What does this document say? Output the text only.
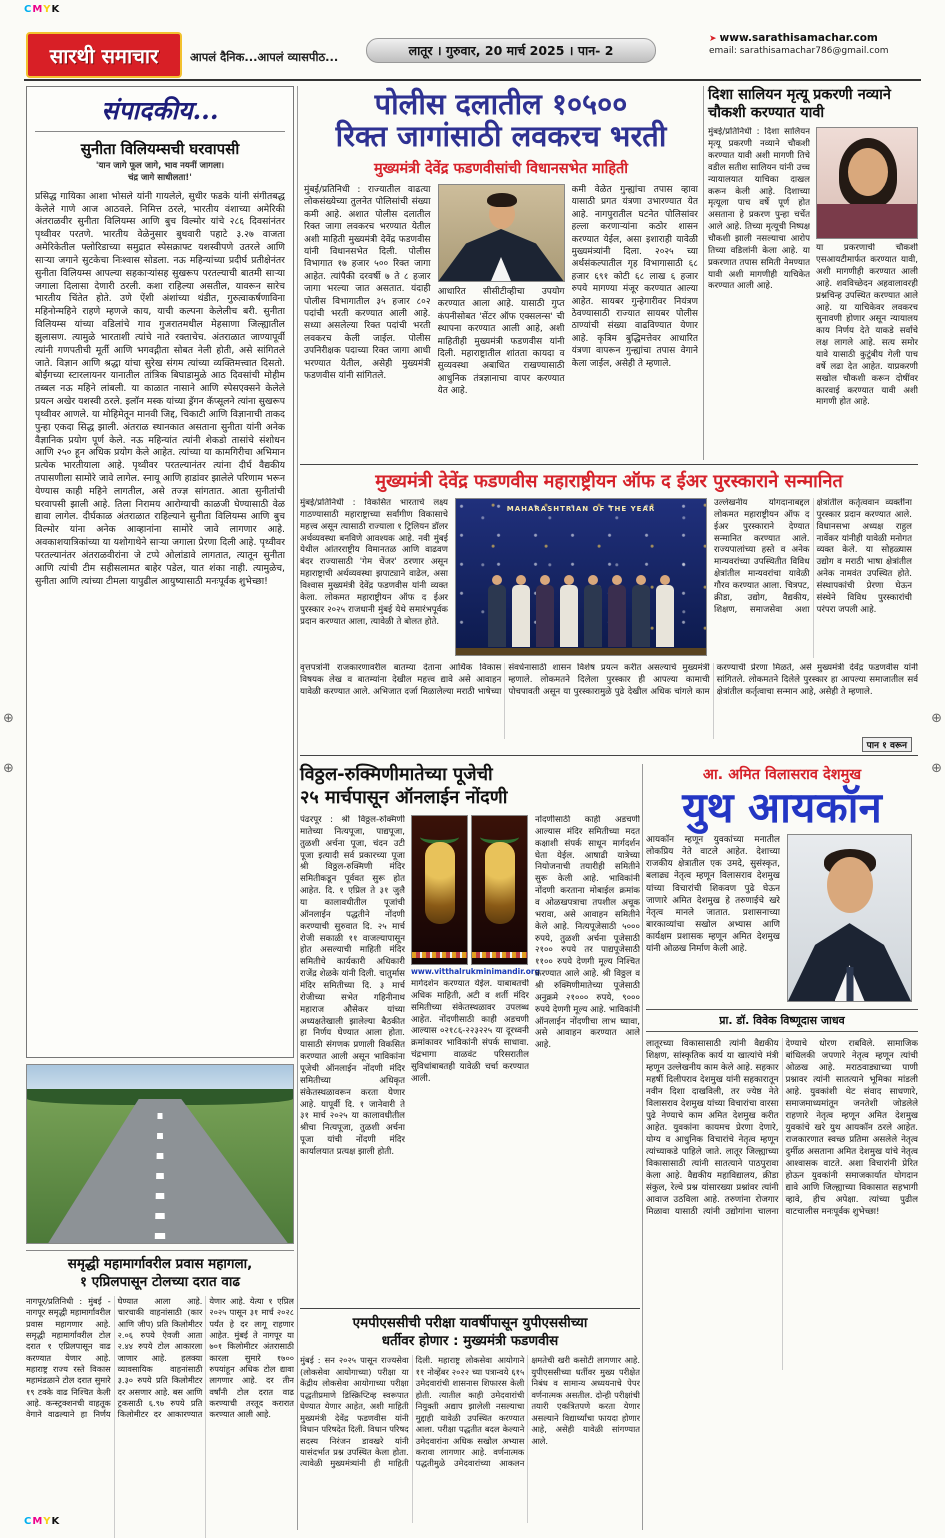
CMYK
CMYK
⊕
⊕
⊕
⊕
सारथी समाचार	आपलं दैनिक...आपलं व्यासपीठ...	लातूर । गुरुवार, 20 मार्च 2025 । पान- 2
➤ www.sarathisamachar.com
email: sarathisamachar786@gmail.com
संपादकीय...
सुनीता विलियम्सची घरवापसी
'यान जागे फूल जागे, भाव नयनीं जागला।
चंद्र जागे साधीलता!'
प्रसिद्ध गायिका आशा भोसले यांनी गायलेले, सुधीर फडके यांनी संगीतबद्ध केलेले गाणे आज आठवले. निमित्त ठरले, भारतीय वंशाच्या अमेरिकी अंतराळवीर सुनीता विलियम्स आणि बुच विल्मोर यांचे २८६ दिवसांनंतर पृथ्वीवर परतणे. भारतीय वेळेनुसार बुधवारी पहाटे ३.२७ वाजता अमेरिकेतील फ्लोरिडाच्या समुद्रात स्पेसक्राफ्ट यशस्वीपणे उतरले आणि साऱ्या जगाने सुटकेचा निःश्वास सोडला. नऊ महिन्यांच्या प्रदीर्घ प्रतीक्षेनंतर सुनीता विलियम्स आपल्या सहकाऱ्यांसह सुखरूप परतल्याची बातमी साऱ्या जगाला दिलासा देणारी ठरली. कशा राहिल्या असतील, यावरून सारेच भारतीय चिंतेत होते. उणे ऐंशी अंशांच्या थंडीत, गुरुत्वाकर्षणाविना महिनोन्महिने राहणे म्हणजे काय, याची कल्पना केलेलीच बरी. सुनीता विलियम्स यांच्या वडिलांचे गाव गुजरातमधील मेहसाणा जिल्ह्यातील झुलासण. त्यामुळे भारताशी त्यांचे नाते रक्ताचेच. अंतराळात जाण्यापूर्वी त्यांनी गणपतीची मूर्ती आणि भगवद्गीता सोबत नेली होती, असे सांगितले जाते. विज्ञान आणि श्रद्धा यांचा सुरेख संगम त्यांच्या व्यक्तिमत्त्वात दिसतो. बोईंगच्या स्टारलायनर यानातील तांत्रिक बिघाडामुळे आठ दिवसांची मोहीम तब्बल नऊ महिने लांबली. या काळात नासाने आणि स्पेसएक्सने केलेले प्रयत्न अखेर यशस्वी ठरले. इलॉन मस्क यांच्या ड्रॅगन कॅप्सूलने त्यांना सुखरूप पृथ्वीवर आणले. या मोहिमेतून मानवी जिद्द, चिकाटी आणि विज्ञानाची ताकद पुन्हा एकदा सिद्ध झाली. अंतराळ स्थानकात असताना सुनीता यांनी अनेक वैज्ञानिक प्रयोग पूर्ण केले. नऊ महिन्यांत त्यांनी शेकडो तासांचे संशोधन आणि २५० हून अधिक प्रयोग केले आहेत. त्यांच्या या कामगिरीचा अभिमान प्रत्येक भारतीयाला आहे. पृथ्वीवर परतल्यानंतर त्यांना दीर्घ वैद्यकीय तपासणीला सामोरे जावे लागेल. स्नायू आणि हाडांवर झालेले परिणाम भरून येण्यास काही महिने लागतील, असे तज्ज्ञ सांगतात. आता सुनीतांची घरवापसी झाली आहे. तिला निरामय आरोग्याची काळजी घेण्यासाठी वेळ द्यावा लागेल. दीर्घकाळ अंतराळात राहिल्याने सुनीता विलियम्स आणि बुच विल्मोर यांना अनेक आव्हानांना सामोरे जावे लागणार आहे. अवकाशयात्रिकांच्या या यशोगाथेने साऱ्या जगाला प्रेरणा दिली आहे. पृथ्वीवर परतल्यानंतर अंतराळवीरांना जे टप्पे ओलांडावे लागतात, त्यातून सुनीता आणि त्यांची टीम सहीसलामत बाहेर पडेल, यात शंका नाही. त्यामुळेच, सुनीता आणि त्यांच्या टीमला यापुढील आयुष्यासाठी मनःपूर्वक शुभेच्छा!
समृद्धी महामार्गावरील प्रवास महागला,
१ एप्रिलपासून टोलच्या दरात वाढ
नागपूर/प्रतिनिधी : मुंबई - नागपूर समृद्धी महामार्गावरील प्रवास महागणार आहे. समृद्धी महामार्गावरील टोल दरात १ एप्रिलपासून वाढ करण्यात येणार आहे. महाराष्ट्र राज्य रस्ते विकास महामंडळाने टोल दरात सुमारे १९ टक्के वाढ निश्चित केली आहे. कन्स्ट्रक्शनची वाहतूक वेगाने वाढल्याने हा निर्णय घेण्यात आला आहे. चारचाकी वाहनांसाठी (कार आणि जीप) प्रति किलोमीटर २.०६ रुपये ऐवजी आता २.४४ रुपये टोल आकारला जाणार आहे. हलक्या व्यावसायिक वाहनांसाठी ३.३० रुपये प्रति किलोमीटर दर असणार आहे. बस आणि ट्रकसाठी ६.९७ रुपये प्रति किलोमीटर दर आकारण्यात येणार आहे. येत्या १ एप्रिल २०२५ पासून ३१ मार्च २०२८ पर्यंत हे दर लागू राहणार आहेत. मुंबई ते नागपूर या ७०१ किलोमीटर अंतरासाठी कारला सुमारे १७०० रुपयांहून अधिक टोल द्यावा लागणार आहे. दर तीन वर्षांनी टोल दरात वाढ करण्याची तरतूद करारात करण्यात आली आहे.
पोलीस दलातील १०५००
रिक्त जागांसाठी लवकरच भरती
मुख्यमंत्री देवेंद्र फडणवीसांची विधानसभेत माहिती
मुंबई/प्रतिनिधी : राज्यातील वाढत्या लोकसंख्येच्या तुलनेत पोलिसांची संख्या कमी आहे. अशात पोलीस दलातील रिक्त जागा लवकरच भरण्यात येतील अशी माहिती मुख्यमंत्री देवेंद्र फडणवीस यांनी विधानसभेत दिली. पोलीस विभागात १७ हजार ५०० रिक्त जागा आहेत. त्यांपैकी दरवर्षी ७ ते ८ हजार जागा भरल्या जात असतात. यंदाही पोलीस विभागातील ३५ हजार ८०२ पदांची भरती करण्यात आली आहे. सध्या असलेल्या रिक्त पदांची भरती लवकरच केली जाईल. पोलीस उपनिरीक्षक पदाच्या रिक्त जागा आधी भरण्यात येतील, असेही मुख्यमंत्री फडणवीस यांनी सांगितले.
आधारित सीसीटीव्हीचा उपयोग करण्यात आला आहे. यासाठी गुप्त कंपनीसोबत 'सेंटर ऑफ एक्सलन्स' ची स्थापना करण्यात आली आहे, अशी माहितीही मुख्यमंत्री फडणवीस यांनी दिली. महाराष्ट्रातील शांतता कायदा व सुव्यवस्था अबाधित राखण्यासाठी आधुनिक तंत्रज्ञानाचा वापर करण्यात येत आहे.
कमी वेळेत गुन्ह्यांचा तपास व्हावा यासाठी प्रगत यंत्रणा उभारण्यात येत आहे. नागपुरातील घटनेत पोलिसांवर हल्ला करणाऱ्यांना कठोर शासन करण्यात येईल, असा इशाराही यावेळी मुख्यमंत्र्यांनी दिला. २०२५ च्या अर्थसंकल्पातील गृह विभागासाठी ६८ हजार ६९१ कोटी ६८ लाख ६ हजार रुपये मागण्या मंजूर करण्यात आल्या आहेत. सायबर गुन्हेगारीवर नियंत्रण ठेवण्यासाठी राज्यात सायबर पोलीस ठाण्यांची संख्या वाढविण्यात येणार आहे. कृत्रिम बुद्धिमत्तेवर आधारित यंत्रणा वापरून गुन्ह्यांचा तपास वेगाने केला जाईल, असेही ते म्हणाले.
दिशा सालियन मृत्यू प्रकरणी नव्याने चौकशी करण्यात यावी
मुंबई/प्रतिनिधी : दिशा सालियन मृत्यू प्रकरणी नव्याने चौकशी करण्यात यावी अशी मागणी तिचे वडील सतीश सालियन यांनी उच्च न्यायालयात याचिका दाखल करून केली आहे. दिशाच्या मृत्यूला पाच वर्षे पूर्ण होत असताना हे प्रकरण पुन्हा चर्चेत आले आहे. तिच्या मृत्यूची निष्पक्ष चौकशी झाली नसल्याचा आरोप तिच्या वडिलांनी केला आहे. या प्रकरणात तपास समिती नेमण्यात यावी अशी मागणीही याचिकेत करण्यात आली आहे.
या प्रकरणाची चौकशी एसआयटीमार्फत करण्यात यावी, अशी मागणीही करण्यात आली आहे. शवविच्छेदन अहवालावरही प्रश्नचिन्ह उपस्थित करण्यात आले आहे. या याचिकेवर लवकरच सुनावणी होणार असून न्यायालय काय निर्णय देते याकडे सर्वांचे लक्ष लागले आहे. सत्य समोर यावे यासाठी कुटुंबीय गेली पाच वर्षे लढा देत आहेत. याप्रकरणी सखोल चौकशी करून दोषींवर कारवाई करण्यात यावी अशी मागणी होत आहे.
मुख्यमंत्री देवेंद्र फडणवीस महाराष्ट्रीयन ऑफ द ईअर पुरस्काराने सन्मानित
मुंबई/प्रतिनिधी : विकसित भारताचे लक्ष्य गाठण्यासाठी महाराष्ट्राच्या सर्वांगीण विकासाचे महत्त्व असून त्यासाठी राज्याला १ ट्रिलियन डॉलर अर्थव्यवस्था बनविणे आवश्यक आहे. नवी मुंबई येथील आंतरराष्ट्रीय विमानतळ आणि वाढवण बंदर राज्यासाठी 'गेम चेंजर' ठरणार असून महाराष्ट्राची अर्थव्यवस्था झपाट्याने वाढेल, असा विश्वास मुख्यमंत्री देवेंद्र फडणवीस यांनी व्यक्त केला. लोकमत महाराष्ट्रीयन ऑफ द ईअर पुरस्कार २०२५ राजधानी मुंबई येथे समारंभपूर्वक प्रदान करण्यात आला, त्यावेळी ते बोलत होते.
MAHARASHTRIAN OF THE YEAR
उल्लेखनीय योगदानाबद्दल लोकमत महाराष्ट्रीयन ऑफ द ईअर पुरस्काराने देण्यात सन्मानित करण्यात आले. राज्यपालांच्या हस्ते व अनेक मान्यवरांच्या उपस्थितीत विविध क्षेत्रांतील मान्यवरांचा यावेळी गौरव करण्यात आला. चित्रपट, क्रीडा, उद्योग, वैद्यकीय, शिक्षण, समाजसेवा अशा क्षेत्रांतील कर्तृत्ववान व्यक्तींना पुरस्कार प्रदान करण्यात आले. विधानसभा अध्यक्ष राहुल नार्वेकर यांनीही यावेळी मनोगत व्यक्त केले. या सोहळ्यास उद्योग व मराठी भाषा क्षेत्रांतील अनेक नामवंत उपस्थित होते. संस्थापकांची प्रेरणा घेऊन संस्थेने विविध पुरस्कारांची परंपरा जपली आहे.
वृत्तपत्रांनी राजकारणावरील बातम्या देताना आर्थिक विकास विषयक लेख व बातम्यांना देखील महत्त्व द्यावे असे आवाहन यावेळी करण्यात आले. अभिजात दर्जा मिळालेल्या मराठी भाषेच्या संवर्धनासाठी शासन विशेष प्रयत्न करीत असल्याचे मुख्यमंत्री म्हणाले. लोकमतने दिलेला पुरस्कार ही आपल्या कामाची पोचपावती असून या पुरस्कारामुळे पुढे देखील अधिक चांगले काम करण्याची प्रेरणा मिळते, असे मुख्यमंत्री देवेंद्र फडणवीस यांनी सांगितले. लोकमतने दिलेले पुरस्कार हा आपल्या समाजातील सर्व क्षेत्रांतील कर्तृत्वाचा सन्मान आहे, असेही ते म्हणाले.
पान १ वरून
विठ्ठल-रुक्मिणीमातेच्या पूजेची
२५ मार्चपासून ऑनलाईन नोंदणी
पंढरपूर : श्री विठ्ठल-रुक्मिणी मातेच्या नित्यपूजा, पाद्यपूजा, तुळशी अर्चना पूजा, चंदन उटी पूजा इत्यादी सर्व प्रकारच्या पूजा श्री विठ्ठल-रुक्मिणी मंदिर समितीकडून पूर्ववत सुरू होत आहेत. दि. १ एप्रिल ते ३१ जुलै या कालावधीतील पूजांची ऑनलाईन पद्धतीने नोंदणी करण्याची सुरुवात दि. २५ मार्च रोजी सकाळी ११ वाजल्यापासून होत असल्याची माहिती मंदिर समितीचे कार्यकारी अधिकारी राजेंद्र शेळके यांनी दिली. चातुर्मास मंदिर समितीच्या दि. ३ मार्च रोजीच्या सभेत गहिनीनाथ महाराज औसेकर यांच्या अध्यक्षतेखाली झालेल्या बैठकीत हा निर्णय घेण्यात आला होता. यासाठी संगणक प्रणाली विकसित करण्यात आली असून भाविकांना पूजेची ऑनलाईन नोंदणी मंदिर समितीच्या अधिकृत संकेतस्थळावरून करता येणार आहे. यापूर्वी दि. १ जानेवारी ते ३१ मार्च २०२५ या कालावधीतील श्रीचा नित्यपूजा, तुळशी अर्चना पूजा यांची नोंदणी मंदिर कार्यालयात प्रत्यक्ष झाली होती.
www.vitthalrukminimandir.org
मार्गदर्शन करण्यात येईल. याबाबतची अधिक माहिती, अटी व शर्ती मंदिर समितीच्या संकेतस्थळावर उपलब्ध आहेत. नोंदणीसाठी काही अडचणी आल्यास ०२१८६-२२३२२५ या दूरध्वनी क्रमांकावर भाविकांनी संपर्क साधावा. चंद्रभागा वाळवंट परिसरातील सुविधांबाबतही यावेळी चर्चा करण्यात आली.
नोंदणीसाठी काही अडचणी आल्यास मंदिर समितीच्या मदत कक्षाशी संपर्क साधून मार्गदर्शन घेता येईल. आषाढी यात्रेच्या नियोजनाची तयारीही समितीने सुरू केली आहे. भाविकांनी नोंदणी करताना मोबाईल क्रमांक व ओळखपत्राचा तपशील अचूक भरावा, असे आवाहन समितीने केले आहे. नित्यपूजेसाठी ५००० रुपये, तुळशी अर्चना पूजेसाठी २१०० रुपये तर पाद्यपूजेसाठी ११०० रुपये देणगी मूल्य निश्चित करण्यात आले आहे. श्री विठ्ठल व श्री रुक्मिणीमातेच्या पूजेसाठी अनुक्रमे २१००० रुपये, ९००० रुपये देणगी मूल्य आहे. भाविकांनी ऑनलाईन नोंदणीचा लाभ घ्यावा, असे आवाहन करण्यात आले आहे.
आ. अमित विलासराव देशमुख
युथ आयकॉन
आयकॉन म्हणून युवकांच्या मनातील लोकप्रिय नेते वाटले आहेत. देशाच्या राजकीय क्षेत्रातील एक उमदे, सुसंस्कृत, बलाढ्य नेतृत्व म्हणून विलासराव देशमुख यांच्या विचारांची शिकवण पुढे घेऊन जाणारे अमित देशमुख हे तरुणाईचे खरे नेतृत्व मानले जातात. प्रशासनाच्या बारकाव्यांचा सखोल अभ्यास आणि कार्यक्षम प्रशासक म्हणून अमित देशमुख यांनी ओळख निर्माण केली आहे.
प्रा. डॉ. विवेक विष्णूदास जाधव
लातूरच्या विकासासाठी त्यांनी वैद्यकीय शिक्षण, सांस्कृतिक कार्य या खात्यांचे मंत्री म्हणून उल्लेखनीय काम केले आहे. सहकार महर्षी दिलीपराव देशमुख यांनी सहकारातून नवीन दिशा दाखविली, तर ज्येष्ठ नेते विलासराव देशमुख यांच्या विचारांचा वारसा पुढे नेण्याचे काम अमित देशमुख करीत आहेत. युवकांना कायमच प्रेरणा देणारे, योग्य व आधुनिक विचारांचे नेतृत्व म्हणून त्यांच्याकडे पाहिले जाते. लातूर जिल्ह्याच्या विकासासाठी त्यांनी सातत्याने पाठपुरावा केला आहे. वैद्यकीय महाविद्यालय, क्रीडा संकुल, रेल्वे प्रश्न यांसारख्या प्रश्नांवर त्यांनी आवाज उठविला आहे. तरुणांना रोजगार मिळावा यासाठी त्यांनी उद्योगांना चालना देण्याचे धोरण राबविले. सामाजिक बांधिलकी जपणारे नेतृत्व म्हणून त्यांची ओळख आहे. मराठवाड्याच्या पाणी प्रश्नावर त्यांनी सातत्याने भूमिका मांडली आहे. युवकांशी थेट संवाद साधणारे, समाजमाध्यमांतून जनतेशी जोडलेले राहणारे नेतृत्व म्हणून अमित देशमुख युवकांचे खरे युथ आयकॉन ठरले आहेत. राजकारणात स्वच्छ प्रतिमा असलेले नेतृत्व दुर्मीळ असताना अमित देशमुख यांचे नेतृत्व आश्वासक वाटते. अशा विचारांनी प्रेरित होऊन युवकांनी समाजकार्यात योगदान द्यावे आणि जिल्ह्याच्या विकासात सहभागी व्हावे, हीच अपेक्षा. त्यांच्या पुढील वाटचालीस मनःपूर्वक शुभेच्छा!
एमपीएससीची परीक्षा यावर्षीपासून युपीएससीच्या
धर्तीवर होणार : मुख्यमंत्री फडणवीस
मुंबई : सन २०२५ पासून राज्यसेवा (लोकसेवा आयोगाच्या) परीक्षा या केंद्रीय लोकसेवा आयोगाच्या परीक्षा पद्धतीप्रमाणे डिस्क्रिप्टिव्ह स्वरूपात घेण्यात येणार आहेत, अशी माहिती मुख्यमंत्री देवेंद्र फडणवीस यांनी विधान परिषदेत दिली. विधान परिषद सदस्य निरंजन डावखरे यांनी यासंदर्भात प्रश्न उपस्थित केला होता. त्यावेळी मुख्यमंत्र्यांनी ही माहिती दिली. महाराष्ट्र लोकसेवा आयोगाने ११ नोव्हेंबर २०२२ च्या पत्रान्वये ६१५ उमेदवारांची शासनास शिफारस केली होती. त्यातील काही उमेदवारांची नियुक्ती अद्याप झालेली नसल्याचा मुद्दाही यावेळी उपस्थित करण्यात आला. परीक्षा पद्धतीत बदल केल्याने उमेदवारांना अधिक सखोल अभ्यास करावा लागणार आहे. वर्णनात्मक पद्धतीमुळे उमेदवारांच्या आकलन क्षमतेची खरी कसोटी लागणार आहे. युपीएससीच्या धर्तीवर मुख्य परीक्षेत निबंध व सामान्य अध्ययनाचे पेपर वर्णनात्मक असतील. दोन्ही परीक्षांची तयारी एकत्रितपणे करता येणार असल्याने विद्यार्थ्यांचा फायदा होणार आहे, असेही यावेळी सांगण्यात आले.
